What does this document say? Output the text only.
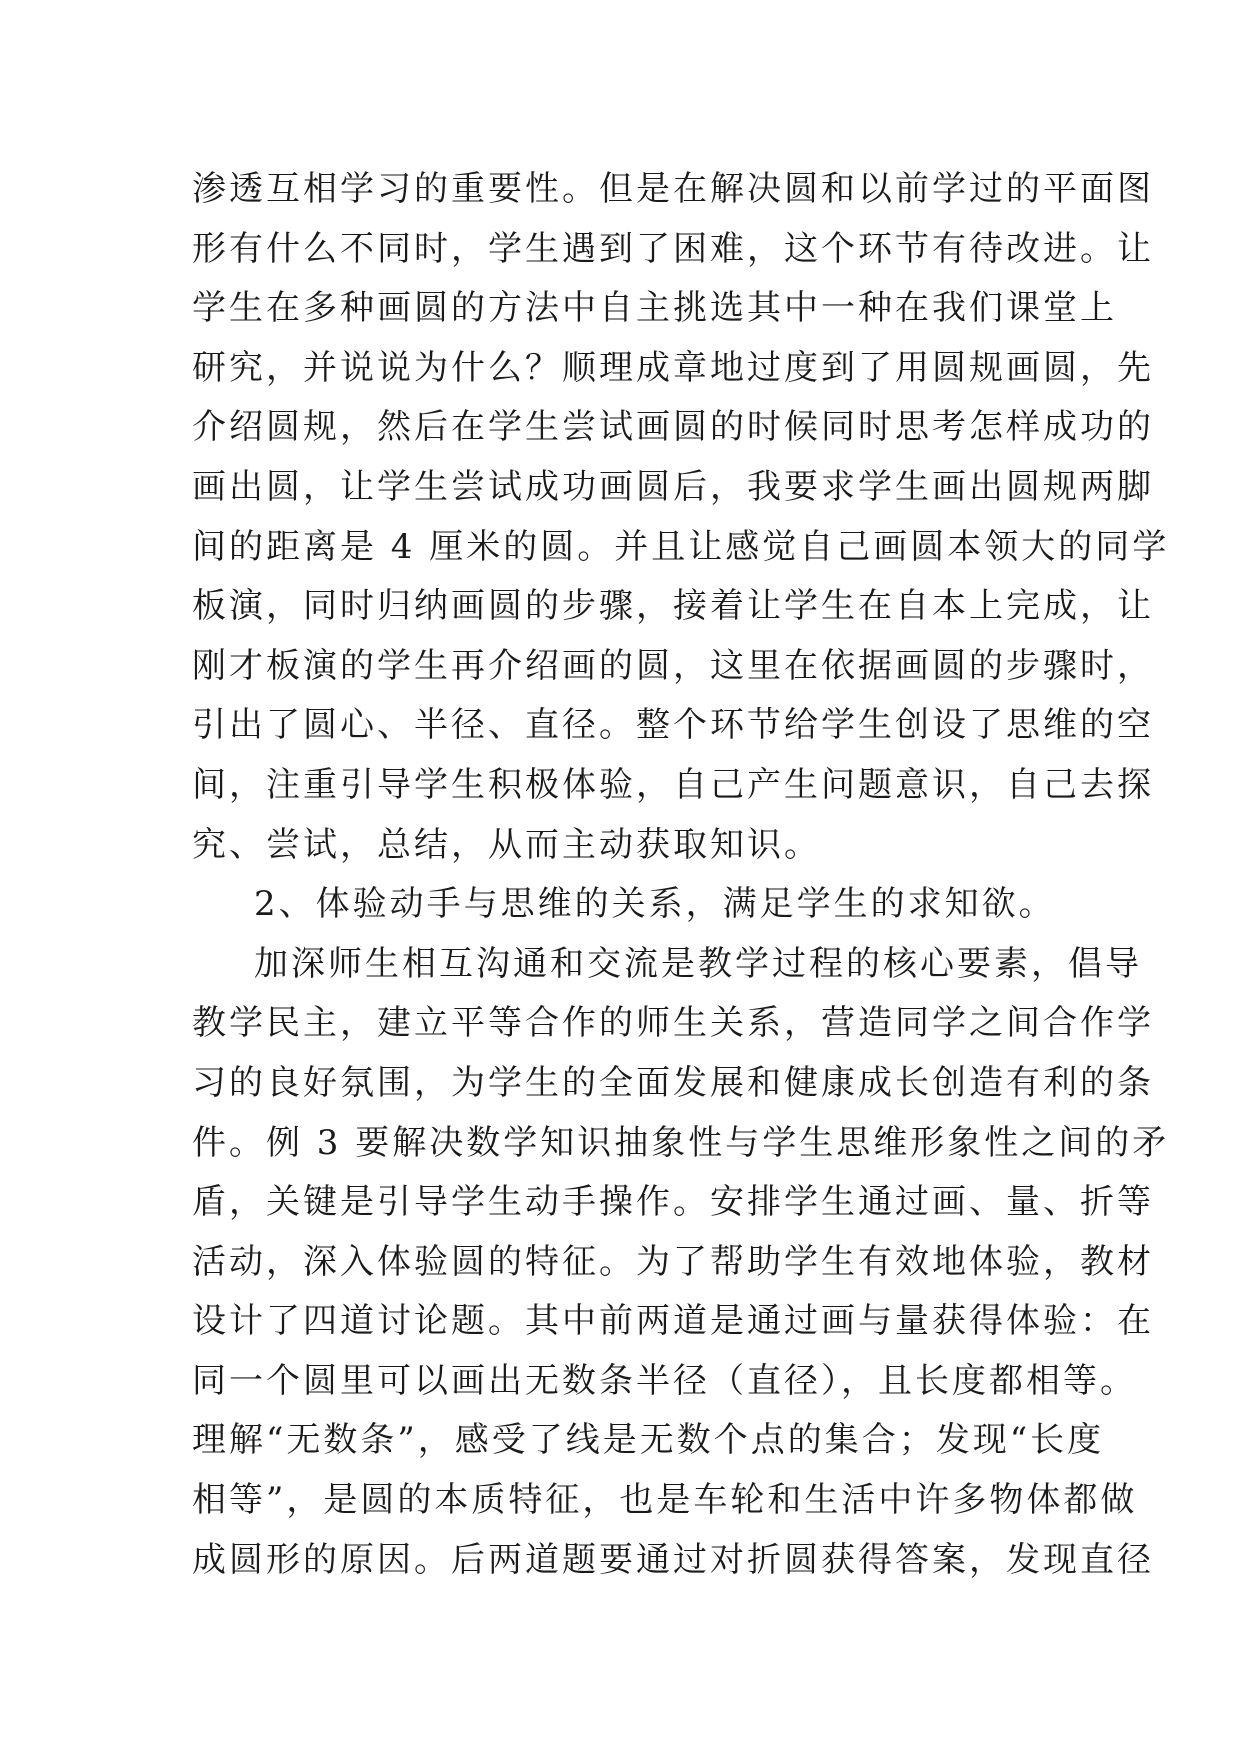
渗透互相学习的重要性。但是在解决圆和以前学过的平面图
形有什么不同时，学生遇到了困难，这个环节有待改进。让
学生在多种画圆的方法中自主挑选其中一种在我们课堂上
研究，并说说为什么？顺理成章地过度到了用圆规画圆，先
介绍圆规，然后在学生尝试画圆的时候同时思考怎样成功的
画出圆，让学生尝试成功画圆后，我要求学生画出圆规两脚
间的距离是 4 厘米的圆。并且让感觉自己画圆本领大的同学
板演，同时归纳画圆的步骤，接着让学生在自本上完成，让
刚才板演的学生再介绍画的圆，这里在依据画圆的步骤时，
引出了圆心、半径、直径。整个环节给学生创设了思维的空
间，注重引导学生积极体验，自己产生问题意识，自己去探
究、尝试，总结，从而主动获取知识。
2、体验动手与思维的关系，满足学生的求知欲。
加深师生相互沟通和交流是教学过程的核心要素，倡导
教学民主，建立平等合作的师生关系，营造同学之间合作学
习的良好氛围，为学生的全面发展和健康成长创造有利的条
件。例 3 要解决数学知识抽象性与学生思维形象性之间的矛
盾，关键是引导学生动手操作。安排学生通过画、量、折等
活动，深入体验圆的特征。为了帮助学生有效地体验，教材
设计了四道讨论题。其中前两道是通过画与量获得体验：在
同一个圆里可以画出无数条半径（直径），且长度都相等。
理解“无数条”，感受了线是无数个点的集合；发现“长度
相等”，是圆的本质特征，也是车轮和生活中许多物体都做
成圆形的原因。后两道题要通过对折圆获得答案，发现直径
